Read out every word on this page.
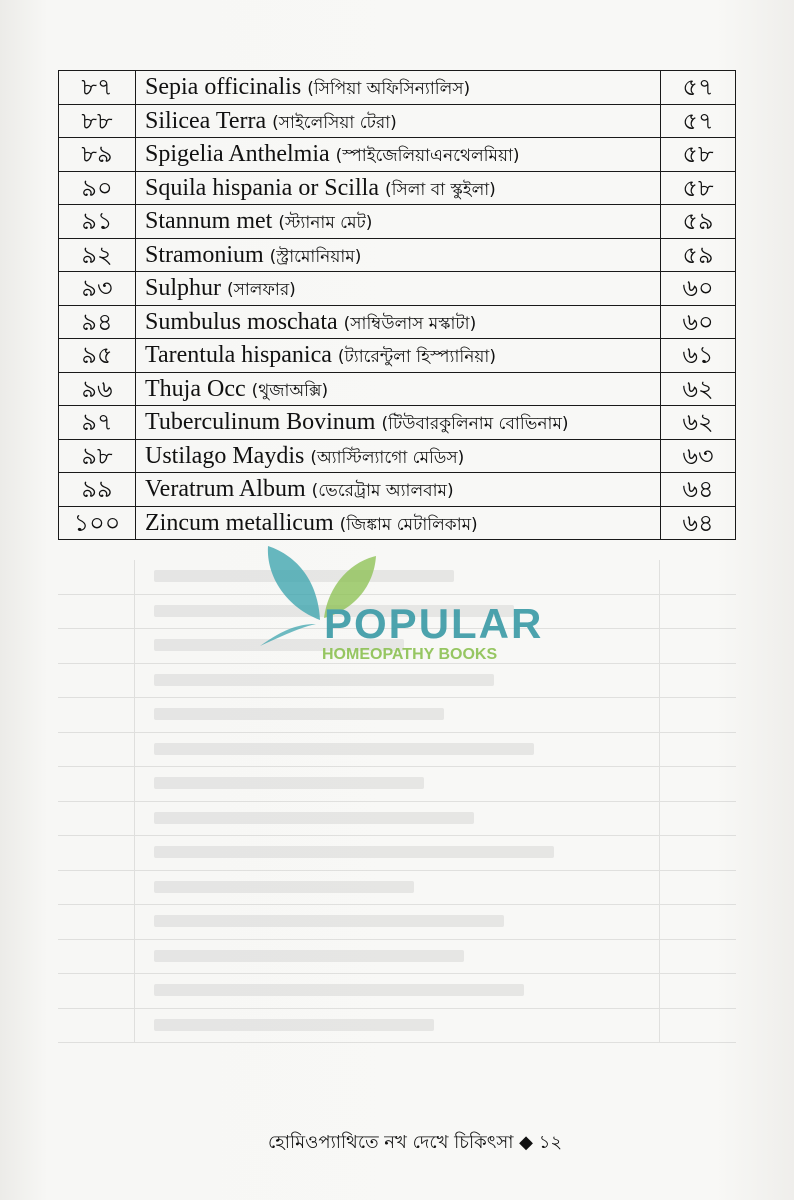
৮৭	Sepia officinalis (সিপিয়া অফিসিন্যালিস)	৫৭
৮৮	Silicea Terra (সাইলেসিয়া টেরা)	৫৭
৮৯	Spigelia Anthelmia (স্পাইজেলিয়াএনথেলমিয়া)	৫৮
৯০	Squila hispania or Scilla (সিলা বা স্কুইলা)	৫৮
৯১	Stannum met (স্ট্যানাম মেট)	৫৯
৯২	Stramonium (স্ট্রামোনিয়াম)	৫৯
৯৩	Sulphur (সালফার)	৬০
৯৪	Sumbulus moschata (সাম্বিউলাস মস্কাটা)	৬০
৯৫	Tarentula hispanica (ট্যারেন্টুলা হিস্প্যানিয়া)	৬১
৯৬	Thuja Occ (থুজাঅক্সি)	৬২
৯৭	Tuberculinum Bovinum (টিউবারকুলিনাম বোভিনাম)	৬২
৯৮	Ustilago Maydis (অ্যাস্টিল্যাগো মেডিস)	৬৩
৯৯	Veratrum Album (ভেরেট্রাম অ্যালবাম)	৬৪
১০০	Zincum metallicum (জিঙ্কাম মেটালিকাম)	৬৪
POPULAR
HOMEOPATHY BOOKS
হোমিওপ্যাথিতে নখ দেখে চিকিৎসা ◆ ১২
